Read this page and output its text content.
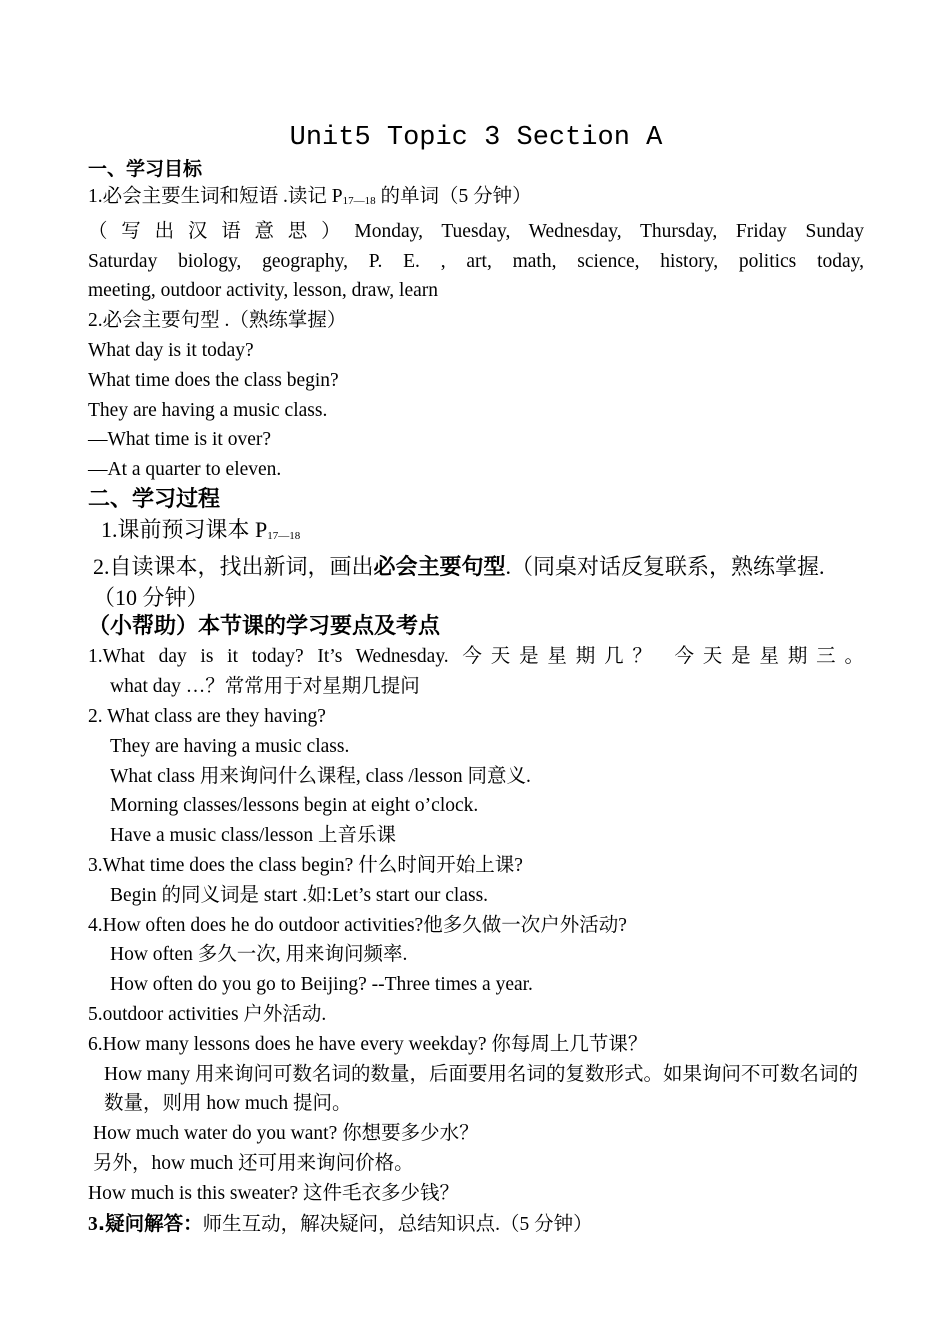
Unit5 Topic 3 Section A
一、学习目标
1.必会主要生词和短语 .读记 P17—18 的单词（5 分钟）
（写出汉语意思）Monday, Tuesday, Wednesday, Thursday, Friday Sunday
Saturday biology, geography, P. E. , art, math, science, history, politics today,
meeting, outdoor activity, lesson, draw, learn
2.必会主要句型 .（熟练掌握）
What day is it today?
What time does the class begin?
They are having a music class.
—What time is it over?
—At a quarter to eleven.
二、学习过程
1.课前预习课本 P17—18
2.自读课本，找出新词，画出必会主要句型.（同桌对话反复联系，熟练掌握.（10 分钟）
（小帮助）本节课的学习要点及考点
1.What day is it today? It’s Wednesday. 今天是星期几？ 今天是星期三。
what day …？常常用于对星期几提问
2. What class are they having?
They are having a music class.
What class 用来询问什么课程, class /lesson 同意义.
Morning classes/lessons begin at eight o’clock.
Have a music class/lesson 上音乐课
3.What time does the class begin? 什么时间开始上课?
Begin 的同义词是 start .如:Let’s start our class.
4.How often does he do outdoor activities?他多久做一次户外活动?
How often 多久一次, 用来询问频率.
How often do you go to Beijing? --Three times a year.
5.outdoor activities 户外活动.
6.How many lessons does he have every weekday? 你每周上几节课？
How many 用来询问可数名词的数量，后面要用名词的复数形式。如果询问不可数名词的数量，则用 how much 提问。
How much water do you want? 你想要多少水？
另外，how much 还可用来询问价格。
How much is this sweater? 这件毛衣多少钱？
3.疑问解答：师生互动，解决疑问，总结知识点.（5 分钟）
